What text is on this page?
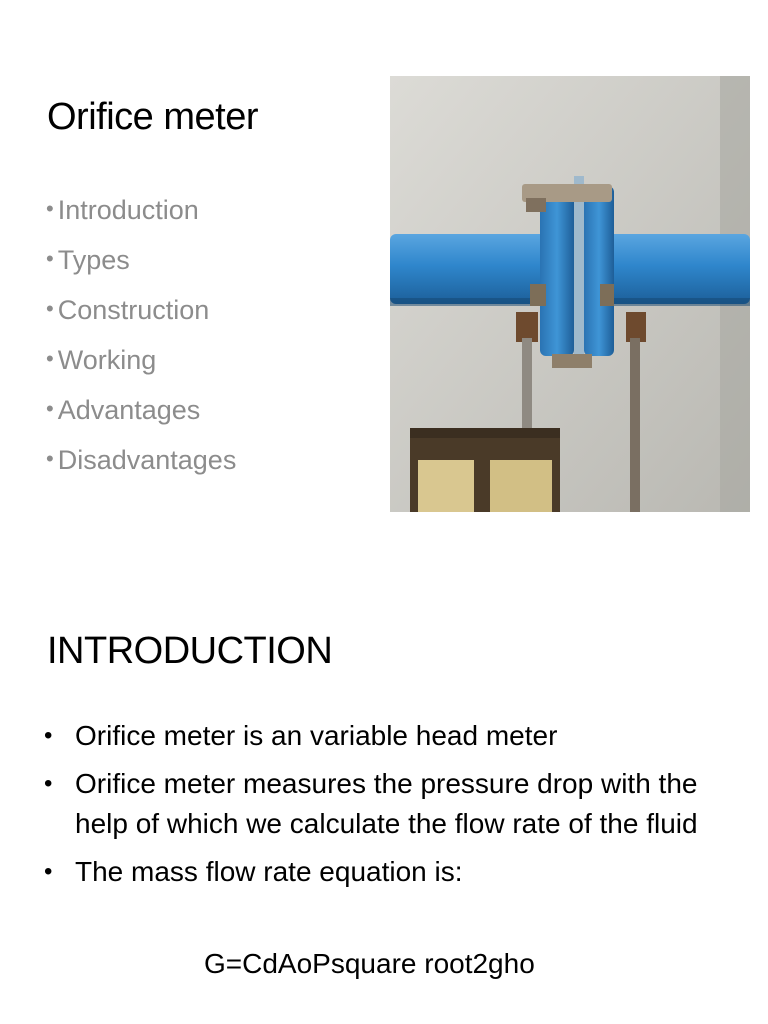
Orifice meter
• Introduction
• Types
• Construction
• Working
• Advantages
• Disadvantages
INTRODUCTION
• Orifice meter is an variable head meter
• Orifice meter measures the pressure drop with the help of which we calculate the flow rate of the fluid
• The mass flow rate equation is:
G=CdAoPsquare root2gho
